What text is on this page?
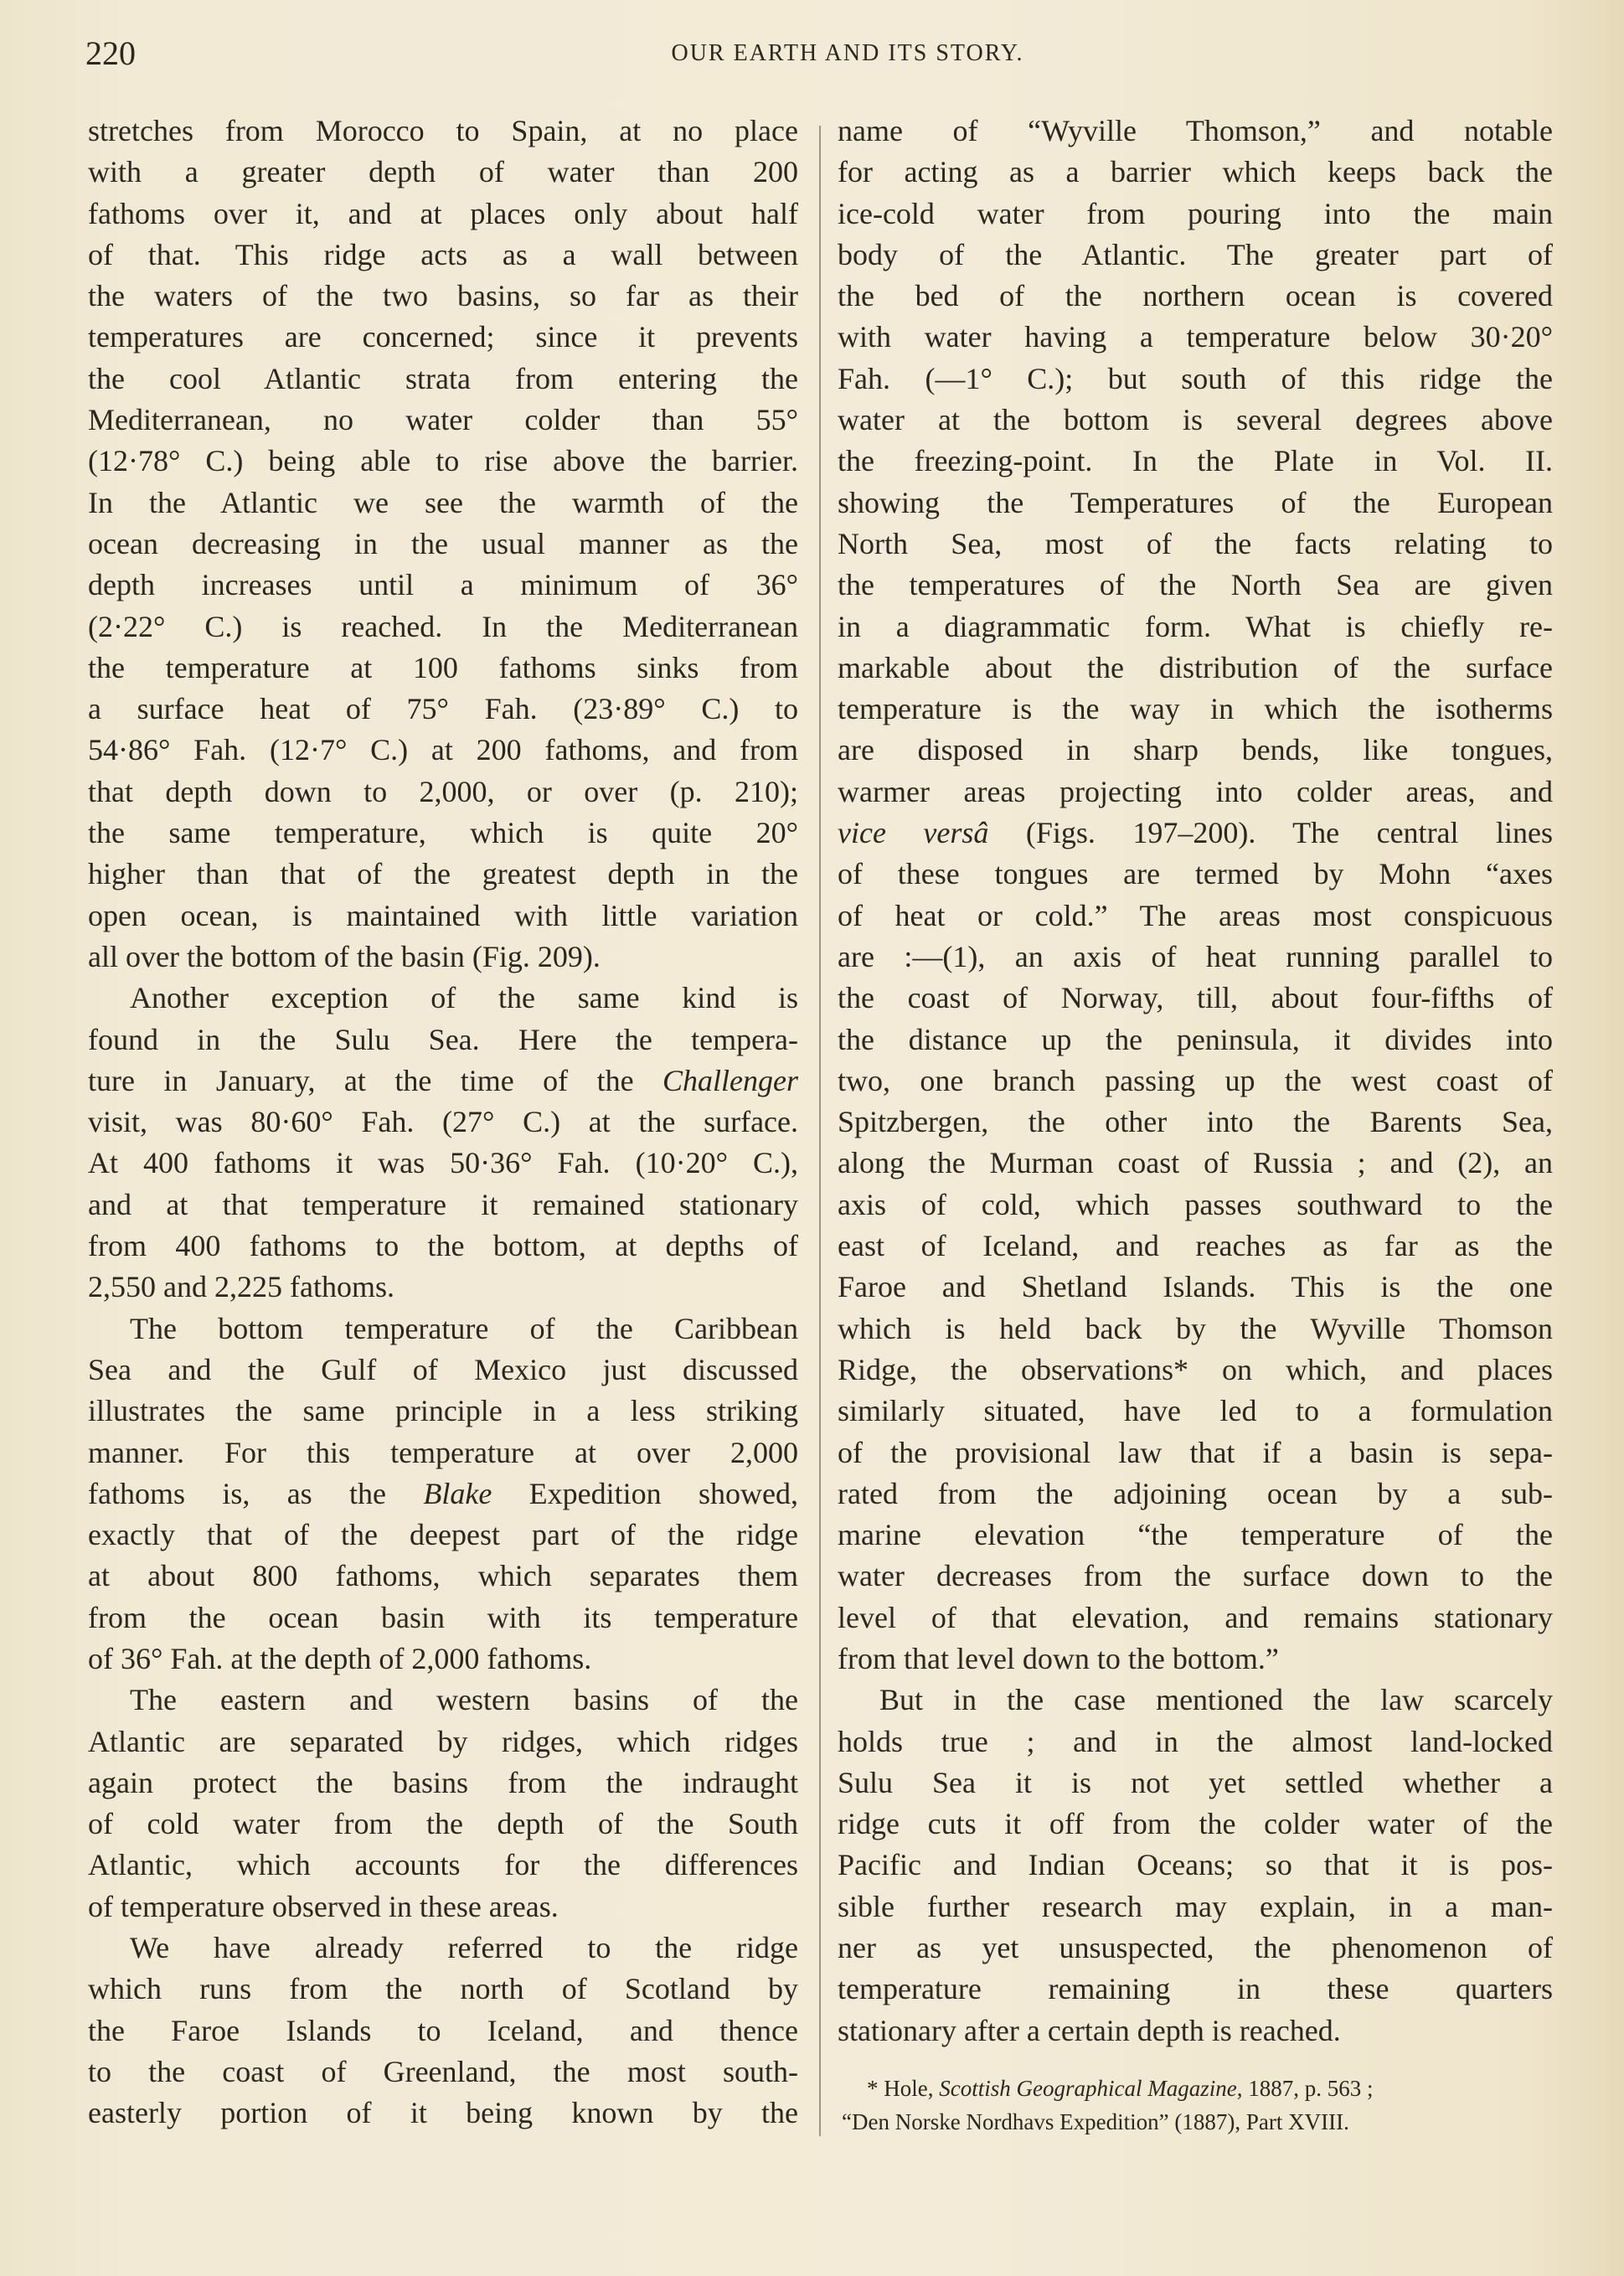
220	OUR EARTH AND ITS STORY.
stretches from Morocco to Spain, at no place
with a greater depth of water than 200
fathoms over it, and at places only about half
of that. This ridge acts as a wall between
the waters of the two basins, so far as their
temperatures are concerned; since it prevents
the cool Atlantic strata from entering the
Mediterranean, no water colder than 55°
(12·78° C.) being able to rise above the barrier.
In the Atlantic we see the warmth of the
ocean decreasing in the usual manner as the
depth increases until a minimum of 36°
(2·22° C.) is reached. In the Mediterranean
the temperature at 100 fathoms sinks from
a surface heat of 75° Fah. (23·89° C.) to
54·86° Fah. (12·7° C.) at 200 fathoms, and from
that depth down to 2,000, or over (p. 210);
the same temperature, which is quite 20°
higher than that of the greatest depth in the
open ocean, is maintained with little variation
all over the bottom of the basin (Fig. 209).
Another exception of the same kind is
found in the Sulu Sea. Here the tempera-
ture in January, at the time of the Challenger
visit, was 80·60° Fah. (27° C.) at the surface.
At 400 fathoms it was 50·36° Fah. (10·20° C.),
and at that temperature it remained stationary
from 400 fathoms to the bottom, at depths of
2,550 and 2,225 fathoms.
The bottom temperature of the Caribbean
Sea and the Gulf of Mexico just discussed
illustrates the same principle in a less striking
manner. For this temperature at over 2,000
fathoms is, as the Blake Expedition showed,
exactly that of the deepest part of the ridge
at about 800 fathoms, which separates them
from the ocean basin with its temperature
of 36° Fah. at the depth of 2,000 fathoms.
The eastern and western basins of the
Atlantic are separated by ridges, which ridges
again protect the basins from the indraught
of cold water from the depth of the South
Atlantic, which accounts for the differences
of temperature observed in these areas.
We have already referred to the ridge
which runs from the north of Scotland by
the Faroe Islands to Iceland, and thence
to the coast of Greenland, the most south-
easterly portion of it being known by the
name of “Wyville Thomson,” and notable
for acting as a barrier which keeps back the
ice-cold water from pouring into the main
body of the Atlantic. The greater part of
the bed of the northern ocean is covered
with water having a temperature below 30·20°
Fah. (—1° C.); but south of this ridge the
water at the bottom is several degrees above
the freezing-point. In the Plate in Vol. II.
showing the Temperatures of the European
North Sea, most of the facts relating to
the temperatures of the North Sea are given
in a diagrammatic form. What is chiefly re-
markable about the distribution of the surface
temperature is the way in which the isotherms
are disposed in sharp bends, like tongues,
warmer areas projecting into colder areas, and
vice versâ (Figs. 197–200). The central lines
of these tongues are termed by Mohn “axes
of heat or cold.” The areas most conspicuous
are :—(1), an axis of heat running parallel to
the coast of Norway, till, about four-fifths of
the distance up the peninsula, it divides into
two, one branch passing up the west coast of
Spitzbergen, the other into the Barents Sea,
along the Murman coast of Russia ; and (2), an
axis of cold, which passes southward to the
east of Iceland, and reaches as far as the
Faroe and Shetland Islands. This is the one
which is held back by the Wyville Thomson
Ridge, the observations* on which, and places
similarly situated, have led to a formulation
of the provisional law that if a basin is sepa-
rated from the adjoining ocean by a sub-
marine elevation “the temperature of the
water decreases from the surface down to the
level of that elevation, and remains stationary
from that level down to the bottom.”
But in the case mentioned the law scarcely
holds true ; and in the almost land-locked
Sulu Sea it is not yet settled whether a
ridge cuts it off from the colder water of the
Pacific and Indian Oceans; so that it is pos-
sible further research may explain, in a man-
ner as yet unsuspected, the phenomenon of
temperature remaining in these quarters
stationary after a certain depth is reached.
* Hole, Scottish Geographical Magazine, 1887, p. 563 ;
“Den Norske Nordhavs Expedition” (1887), Part XVIII.
